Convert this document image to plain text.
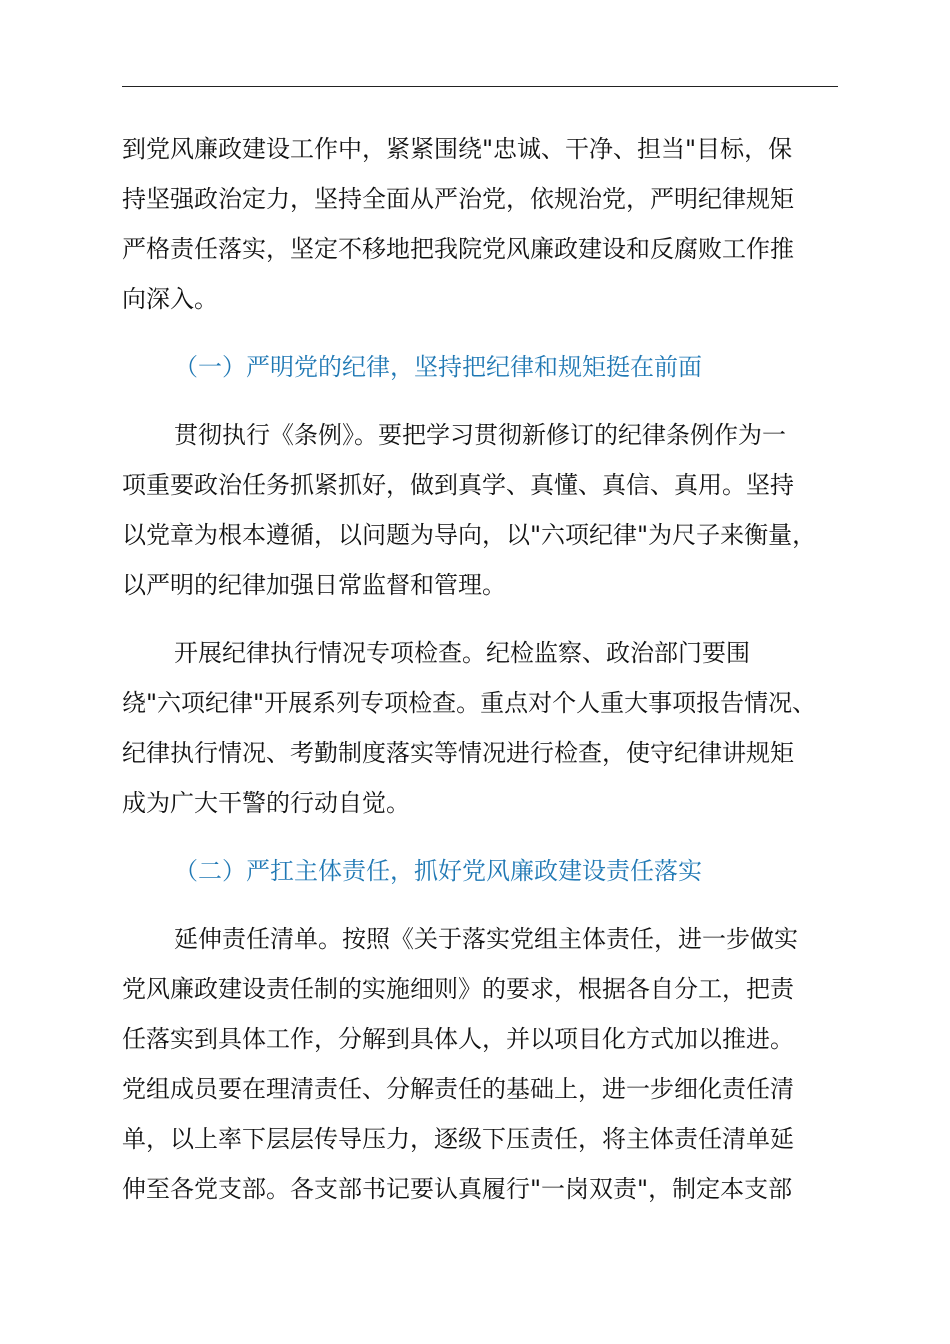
到党风廉政建设工作中，紧紧围绕"忠诚、干净、担当"目标，保
持坚强政治定力，坚持全面从严治党，依规治党，严明纪律规矩
严格责任落实，坚定不移地把我院党风廉政建设和反腐败工作推
向深入。
（一）严明党的纪律，坚持把纪律和规矩挺在前面
贯彻执行《条例》。要把学习贯彻新修订的纪律条例作为一
项重要政治任务抓紧抓好，做到真学、真懂、真信、真用。坚持
以党章为根本遵循，以问题为导向，以"六项纪律"为尺子来衡量，
以严明的纪律加强日常监督和管理。
开展纪律执行情况专项检查。纪检监察、政治部门要围
绕"六项纪律"开展系列专项检查。重点对个人重大事项报告情况、
纪律执行情况、考勤制度落实等情况进行检查，使守纪律讲规矩
成为广大干警的行动自觉。
（二）严扛主体责任，抓好党风廉政建设责任落实
延伸责任清单。按照《关于落实党组主体责任，进一步做实
党风廉政建设责任制的实施细则》的要求，根据各自分工，把责
任落实到具体工作，分解到具体人，并以项目化方式加以推进。
党组成员要在理清责任、分解责任的基础上，进一步细化责任清
单，以上率下层层传导压力，逐级下压责任，将主体责任清单延
伸至各党支部。各支部书记要认真履行"一岗双责"，制定本支部
